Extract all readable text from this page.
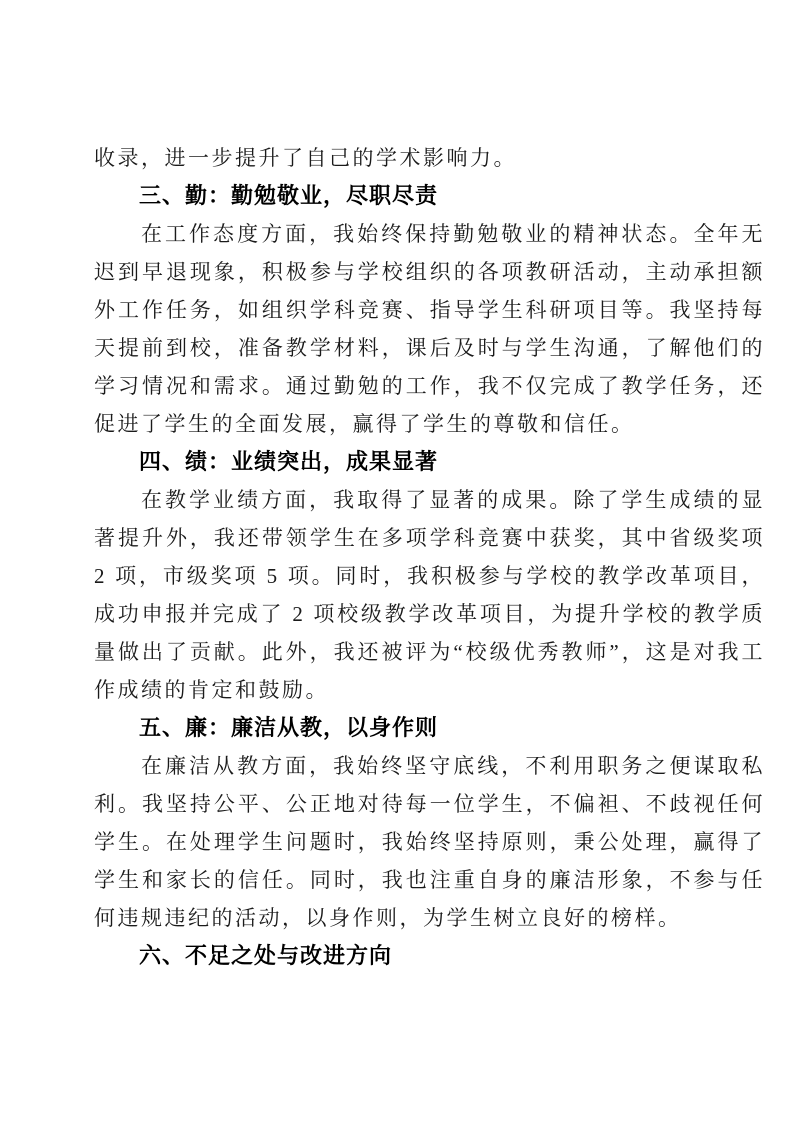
收录，进一步提升了自己的学术影响力。

三、勤：勤勉敬业，尽职尽责

在工作态度方面，我始终保持勤勉敬业的精神状态。全年无迟到早退现象，积极参与学校组织的各项教研活动，主动承担额外工作任务，如组织学科竞赛、指导学生科研项目等。我坚持每天提前到校，准备教学材料，课后及时与学生沟通，了解他们的学习情况和需求。通过勤勉的工作，我不仅完成了教学任务，还促进了学生的全面发展，赢得了学生的尊敬和信任。

四、绩：业绩突出，成果显著

在教学业绩方面，我取得了显著的成果。除了学生成绩的显著提升外，我还带领学生在多项学科竞赛中获奖，其中省级奖项 2 项，市级奖项 5 项。同时，我积极参与学校的教学改革项目，成功申报并完成了 2 项校级教学改革项目，为提升学校的教学质量做出了贡献。此外，我还被评为“校级优秀教师”，这是对我工作成绩的肯定和鼓励。

五、廉：廉洁从教，以身作则

在廉洁从教方面，我始终坚守底线，不利用职务之便谋取私利。我坚持公平、公正地对待每一位学生，不偏袒、不歧视任何学生。在处理学生问题时，我始终坚持原则，秉公处理，赢得了学生和家长的信任。同时，我也注重自身的廉洁形象，不参与任何违规违纪的活动，以身作则，为学生树立良好的榜样。

六、不足之处与改进方向
